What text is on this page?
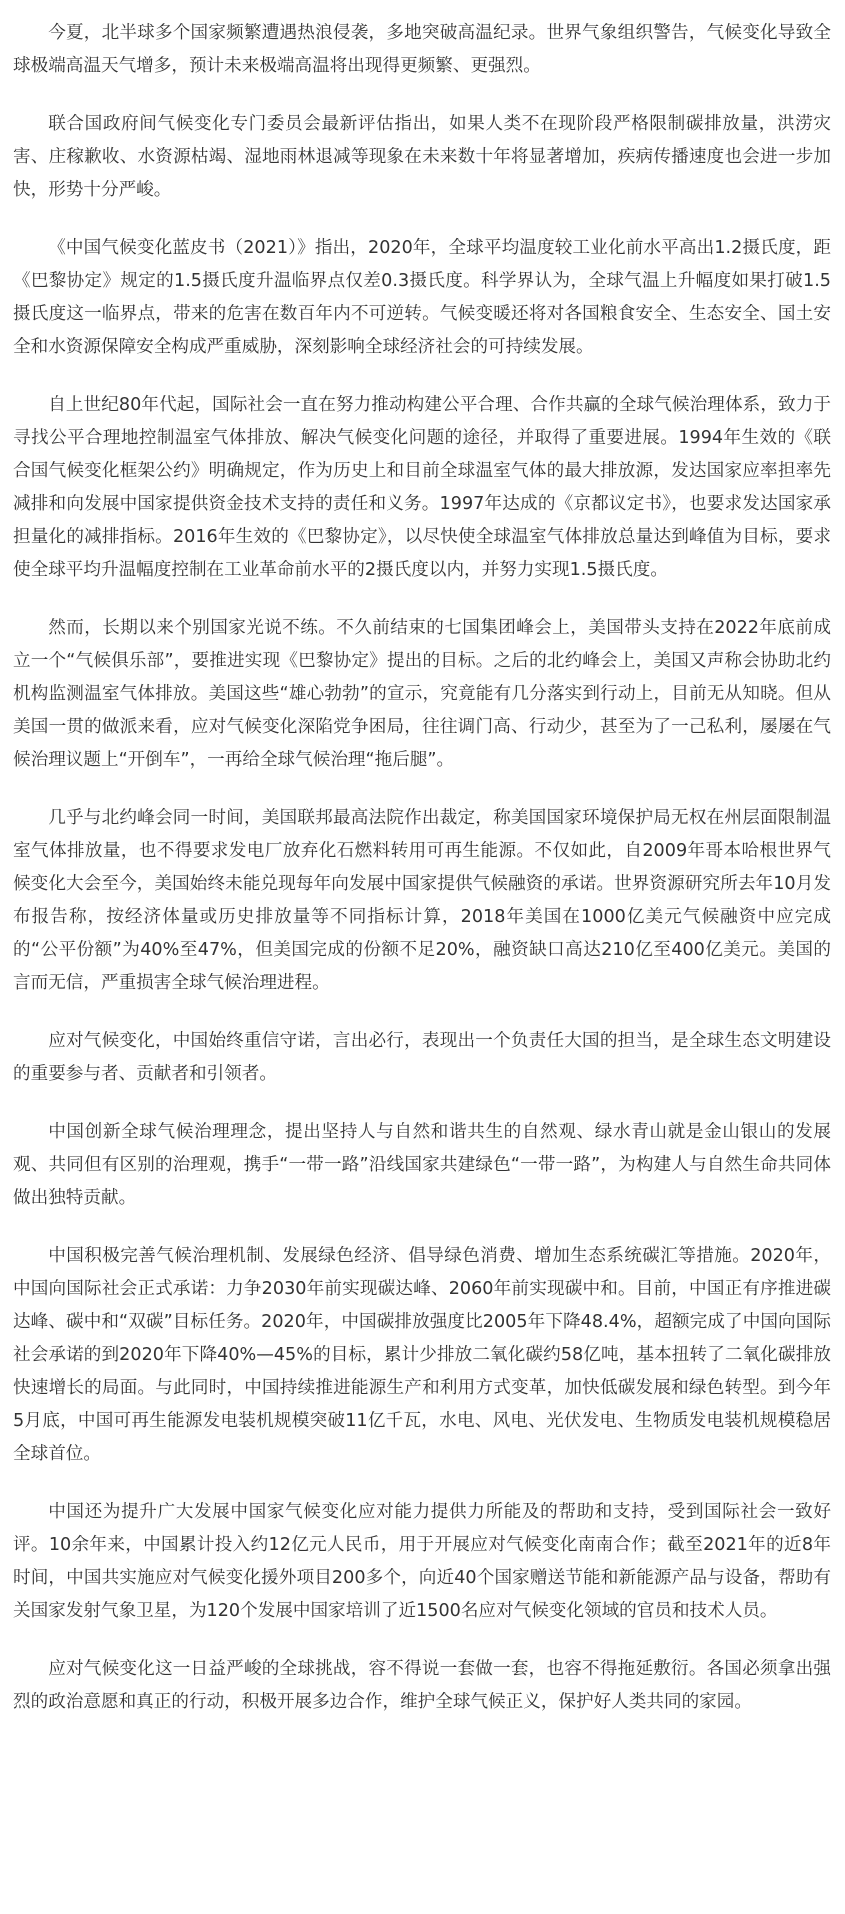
今夏，北半球多个国家频繁遭遇热浪侵袭，多地突破高温纪录。世界气象组织警告，气候变化导致全球极端高温天气增多，预计未来极端高温将出现得更频繁、更强烈。

联合国政府间气候变化专门委员会最新评估指出，如果人类不在现阶段严格限制碳排放量，洪涝灾害、庄稼歉收、水资源枯竭、湿地雨林退减等现象在未来数十年将显著增加，疾病传播速度也会进一步加快，形势十分严峻。

《中国气候变化蓝皮书（2021）》指出，2020年，全球平均温度较工业化前水平高出1.2摄氏度，距《巴黎协定》规定的1.5摄氏度升温临界点仅差0.3摄氏度。科学界认为，全球气温上升幅度如果打破1.5摄氏度这一临界点，带来的危害在数百年内不可逆转。气候变暖还将对各国粮食安全、生态安全、国土安全和水资源保障安全构成严重威胁，深刻影响全球经济社会的可持续发展。

自上世纪80年代起，国际社会一直在努力推动构建公平合理、合作共赢的全球气候治理体系，致力于寻找公平合理地控制温室气体排放、解决气候变化问题的途径，并取得了重要进展。1994年生效的《联合国气候变化框架公约》明确规定，作为历史上和目前全球温室气体的最大排放源，发达国家应率担率先减排和向发展中国家提供资金技术支持的责任和义务。1997年达成的《京都议定书》，也要求发达国家承担量化的减排指标。2016年生效的《巴黎协定》，以尽快使全球温室气体排放总量达到峰值为目标，要求使全球平均升温幅度控制在工业革命前水平的2摄氏度以内，并努力实现1.5摄氏度。

然而，长期以来个别国家光说不练。不久前结束的七国集团峰会上，美国带头支持在2022年底前成立一个“气候俱乐部”，要推进实现《巴黎协定》提出的目标。之后的北约峰会上，美国又声称会协助北约机构监测温室气体排放。美国这些“雄心勃勃”的宣示，究竟能有几分落实到行动上，目前无从知晓。但从美国一贯的做派来看，应对气候变化深陷党争困局，往往调门高、行动少，甚至为了一己私利，屡屡在气候治理议题上“开倒车”，一再给全球气候治理“拖后腿”。

几乎与北约峰会同一时间，美国联邦最高法院作出裁定，称美国国家环境保护局无权在州层面限制温室气体排放量，也不得要求发电厂放弃化石燃料转用可再生能源。不仅如此，自2009年哥本哈根世界气候变化大会至今，美国始终未能兑现每年向发展中国家提供气候融资的承诺。世界资源研究所去年10月发布报告称，按经济体量或历史排放量等不同指标计算，2018年美国在1000亿美元气候融资中应完成的“公平份额”为40%至47%，但美国完成的份额不足20%，融资缺口高达210亿至400亿美元。美国的言而无信，严重损害全球气候治理进程。

应对气候变化，中国始终重信守诺，言出必行，表现出一个负责任大国的担当，是全球生态文明建设的重要参与者、贡献者和引领者。

中国创新全球气候治理理念，提出坚持人与自然和谐共生的自然观、绿水青山就是金山银山的发展观、共同但有区别的治理观，携手“一带一路”沿线国家共建绿色“一带一路”，为构建人与自然生命共同体做出独特贡献。

中国积极完善气候治理机制、发展绿色经济、倡导绿色消费、增加生态系统碳汇等措施。2020年，中国向国际社会正式承诺：力争2030年前实现碳达峰、2060年前实现碳中和。目前，中国正有序推进碳达峰、碳中和“双碳”目标任务。2020年，中国碳排放强度比2005年下降48.4%，超额完成了中国向国际社会承诺的到2020年下降40%—45%的目标，累计少排放二氧化碳约58亿吨，基本扭转了二氧化碳排放快速增长的局面。与此同时，中国持续推进能源生产和利用方式变革，加快低碳发展和绿色转型。到今年5月底，中国可再生能源发电装机规模突破11亿千瓦，水电、风电、光伏发电、生物质发电装机规模稳居全球首位。

中国还为提升广大发展中国家气候变化应对能力提供力所能及的帮助和支持，受到国际社会一致好评。10余年来，中国累计投入约12亿元人民币，用于开展应对气候变化南南合作；截至2021年的近8年时间，中国共实施应对气候变化援外项目200多个，向近40个国家赠送节能和新能源产品与设备，帮助有关国家发射气象卫星，为120个发展中国家培训了近1500名应对气候变化领域的官员和技术人员。

应对气候变化这一日益严峻的全球挑战，容不得说一套做一套，也容不得拖延敷衍。各国必须拿出强烈的政治意愿和真正的行动，积极开展多边合作，维护全球气候正义，保护好人类共同的家园。
